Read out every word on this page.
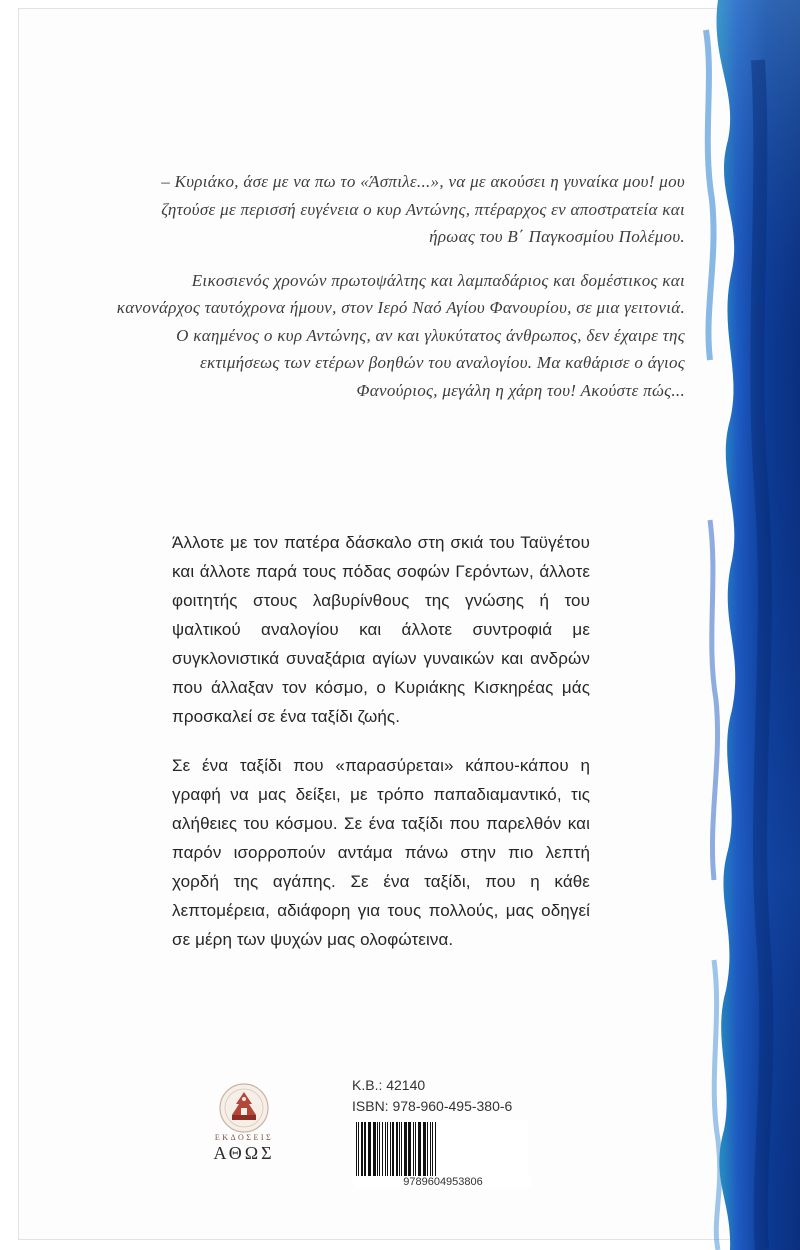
– Κυριάκο, άσε με να πω το «Άσπιλε...», να με ακούσει η γυναίκα μου! μου ζητούσε με περισσή ευγένεια ο κυρ Αντώνης, πτέραρχος εν αποστρατεία και ήρωας του Β΄ Παγκοσμίου Πολέμου.

Εικοσιενός χρονών πρωτοψάλτης και λαμπαδάριος και δομέστικος και κανονάρχος ταυτόχρονα ήμουν, στον Ιερό Ναό Αγίου Φανουρίου, σε μια γειτονιά. Ο καημένος ο κυρ Αντώνης, αν και γλυκύτατος άνθρωπος, δεν έχαιρε της εκτιμήσεως των ετέρων βοηθών του αναλογίου. Μα καθάρισε ο άγιος Φανούριος, μεγάλη η χάρη του! Ακούστε πώς...

Άλλοτε με τον πατέρα δάσκαλο στη σκιά του Ταϋγέτου και άλλοτε παρά τους πόδας σοφών Γερόντων, άλλοτε φοιτητής στους λαβυρίνθους της γνώσης ή του ψαλτικού αναλογίου και άλλοτε συντροφιά με συγκλονιστικά συναξάρια αγίων γυναικών και ανδρών που άλλαξαν τον κόσμο, ο Κυριάκης Κισκηρέας μάς προσκαλεί σε ένα ταξίδι ζωής.

Σε ένα ταξίδι που «παρασύρεται» κάπου-κάπου η γραφή να μας δείξει, με τρόπο παπαδιαμαντικό, τις αλήθειες του κόσμου. Σε ένα ταξίδι που παρελθόν και παρόν ισορροπούν αντάμα πάνω στην πιο λεπτή χορδή της αγάπης. Σε ένα ταξίδι, που η κάθε λεπτομέρεια, αδιάφορη για τους πολλούς, μας οδηγεί σε μέρη των ψυχών μας ολοφώτεινα.

ΕΚΔΟΣΕΙΣ
ΑΘΩΣ
Κ.Β.: 42140
ISBN: 978-960-495-380-6
9789604953806
